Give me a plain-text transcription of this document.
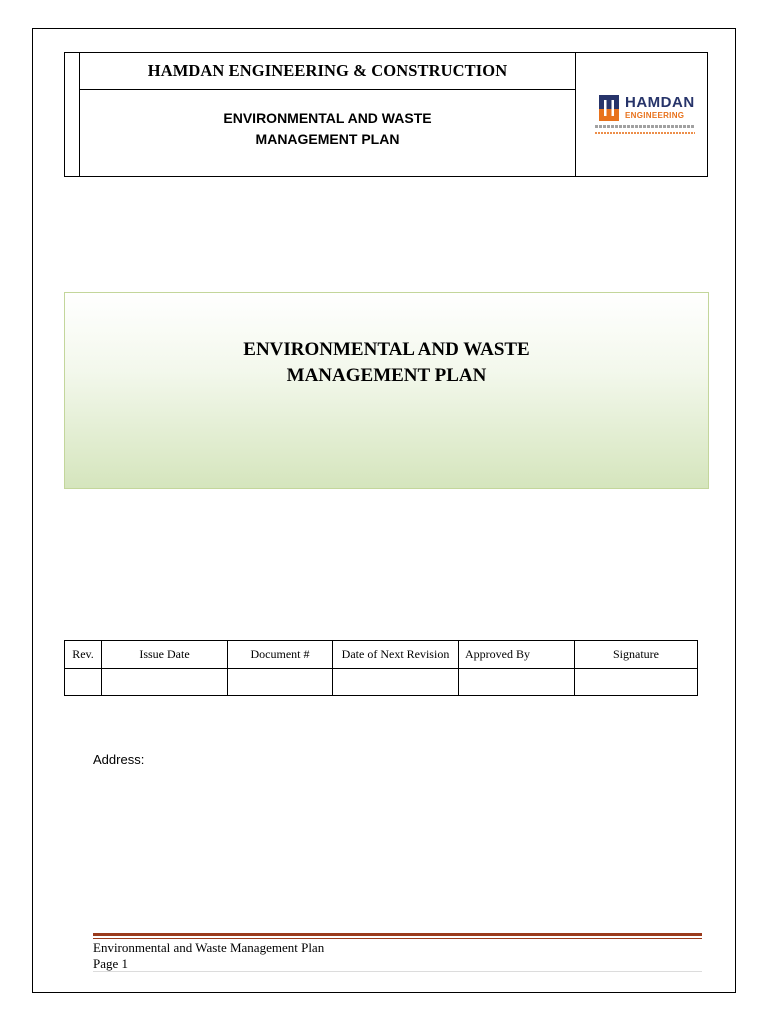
HAMDAN ENGINEERING & CONSTRUCTION
ENVIRONMENTAL AND WASTE
MANAGEMENT PLAN
HAMDAN
ENGINEERING
ENVIRONMENTAL AND WASTE
MANAGEMENT PLAN
Rev.	Issue Date	Document #	Date of Next Revision	Approved By	Signature

Address:
Environmental and Waste Management Plan
Page 1
